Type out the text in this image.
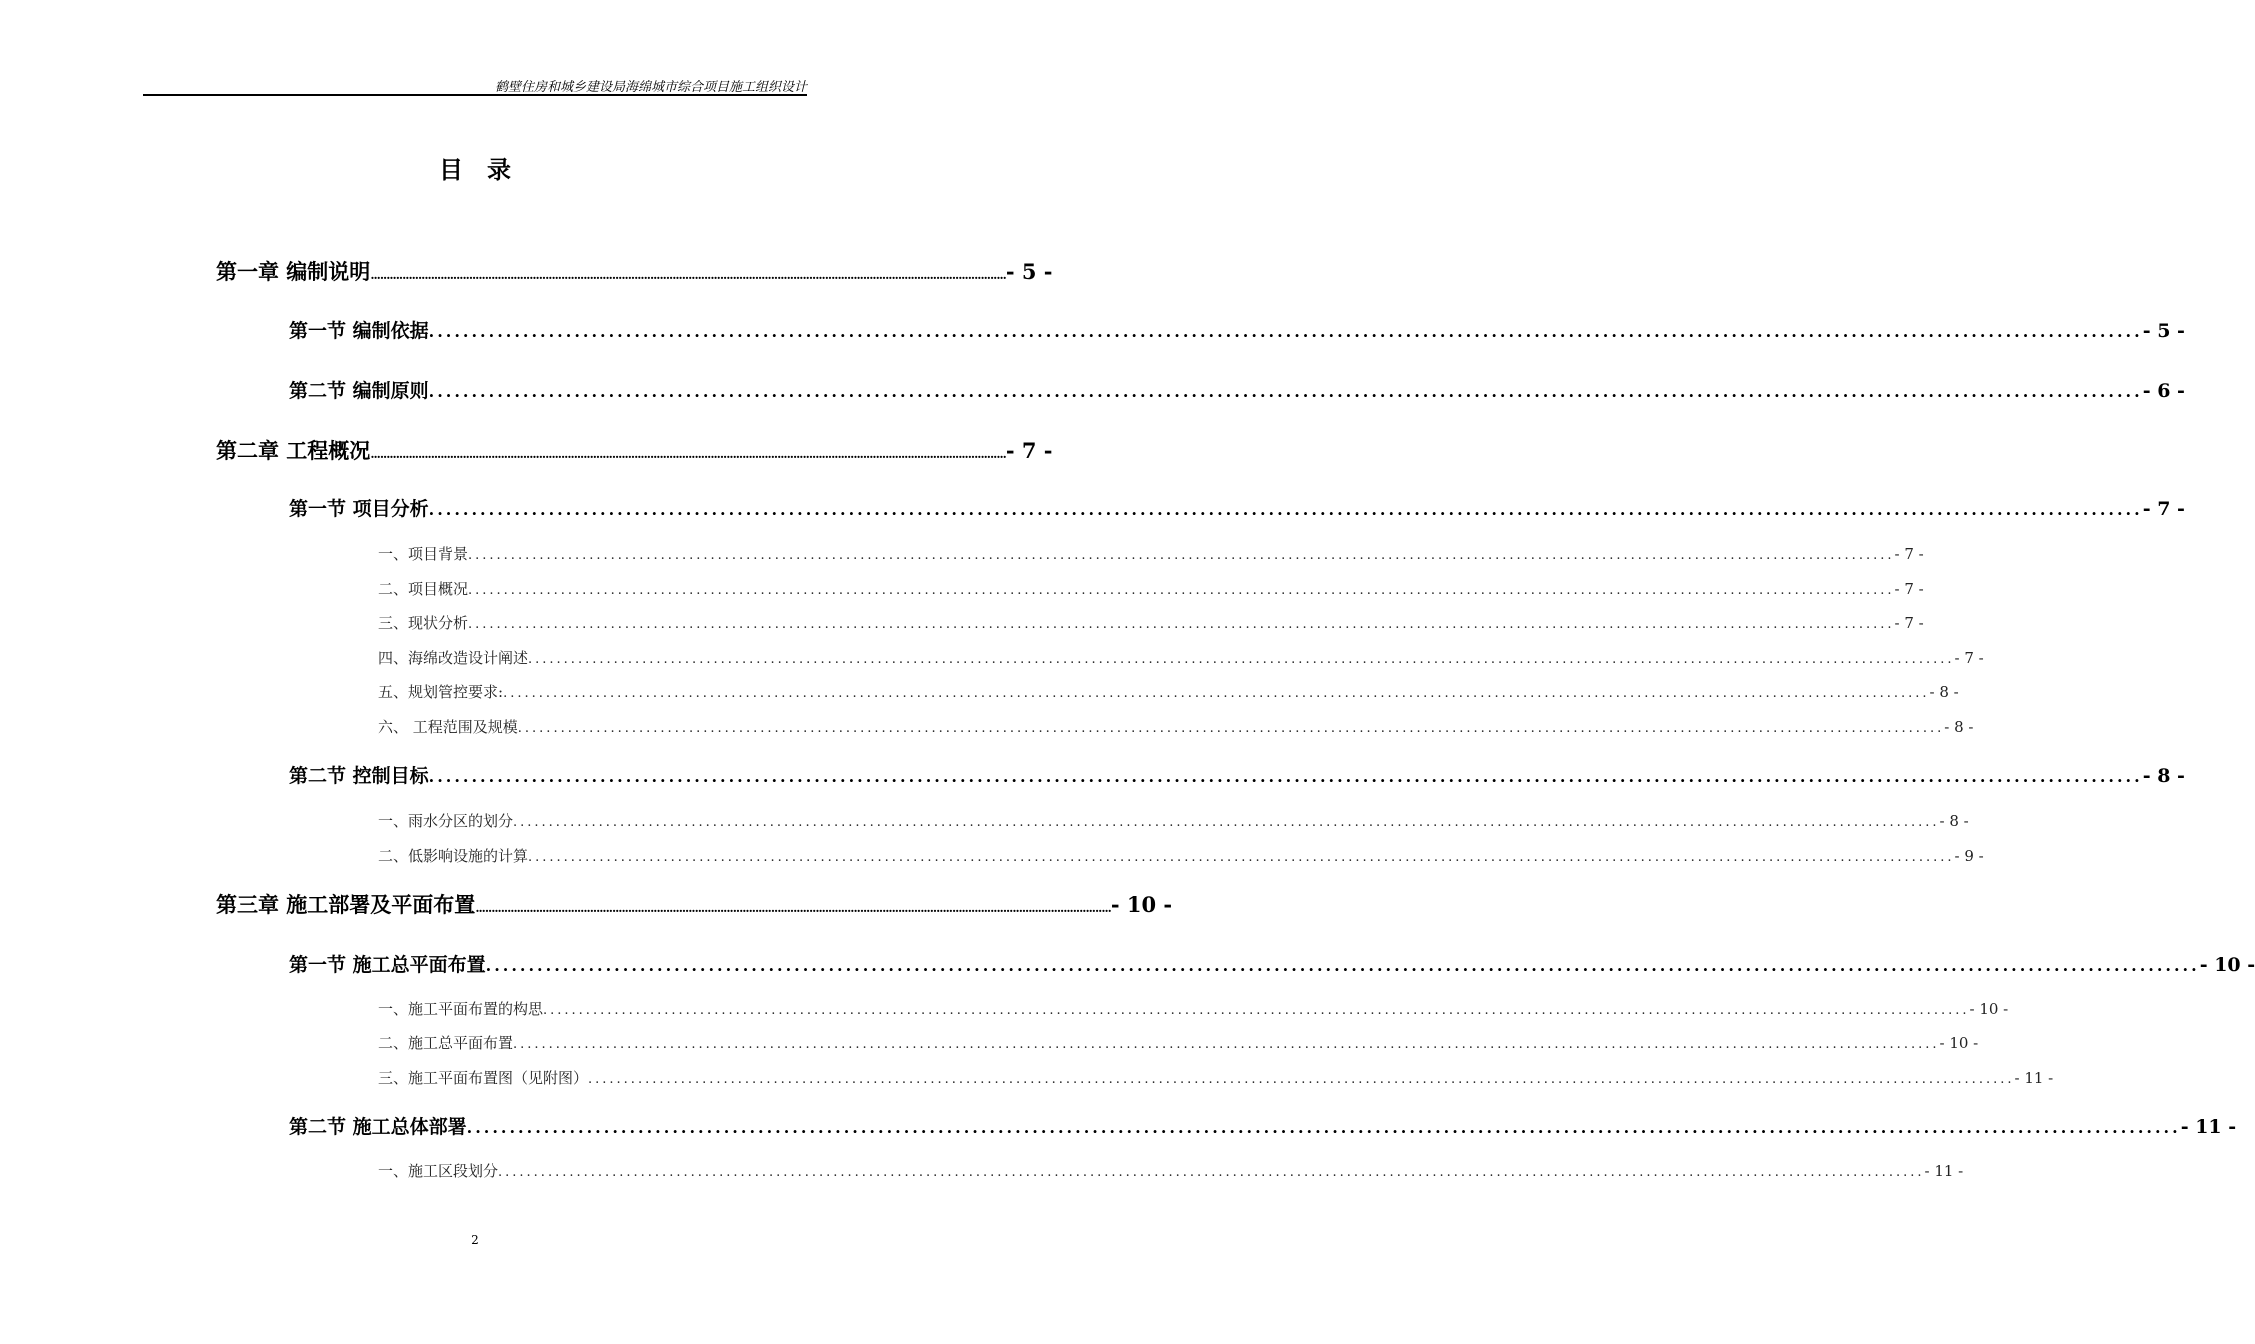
鹤壁住房和城乡建设局海绵城市综合项目施工组织设计
目　录
第一章 编制说明 ........................................................................................................................................................................................................ - 5 -
第一节 编制依据 ........................................................................................................................................................................................................ - 5 -
第二节 编制原则 ........................................................................................................................................................................................................ - 6 -
第二章 工程概况 ........................................................................................................................................................................................................ - 7 -
第一节 项目分析 ........................................................................................................................................................................................................ - 7 -
一、项目背景 ........................................................................................................................................................................................................ - 7 -
二、项目概况 ........................................................................................................................................................................................................ - 7 -
三、现状分析 ........................................................................................................................................................................................................ - 7 -
四、海绵改造设计阐述 ........................................................................................................................................................................................................ - 7 -
五、规划管控要求: ........................................................................................................................................................................................................ - 8 -
六、 工程范围及规模 ........................................................................................................................................................................................................ - 8 -
第二节 控制目标 ........................................................................................................................................................................................................ - 8 -
一、雨水分区的划分 ........................................................................................................................................................................................................ - 8 -
二、低影响设施的计算 ........................................................................................................................................................................................................ - 9 -
第三章 施工部署及平面布置 ........................................................................................................................................................................................................ - 10 -
第一节 施工总平面布置 ........................................................................................................................................................................................................ - 10 -
一、施工平面布置的构思 ........................................................................................................................................................................................................ - 10 -
二、施工总平面布置 ........................................................................................................................................................................................................ - 10 -
三、施工平面布置图（见附图） ........................................................................................................................................................................................................ - 11 -
第二节 施工总体部署 ........................................................................................................................................................................................................ - 11 -
一、施工区段划分 ........................................................................................................................................................................................................ - 11 -
2
